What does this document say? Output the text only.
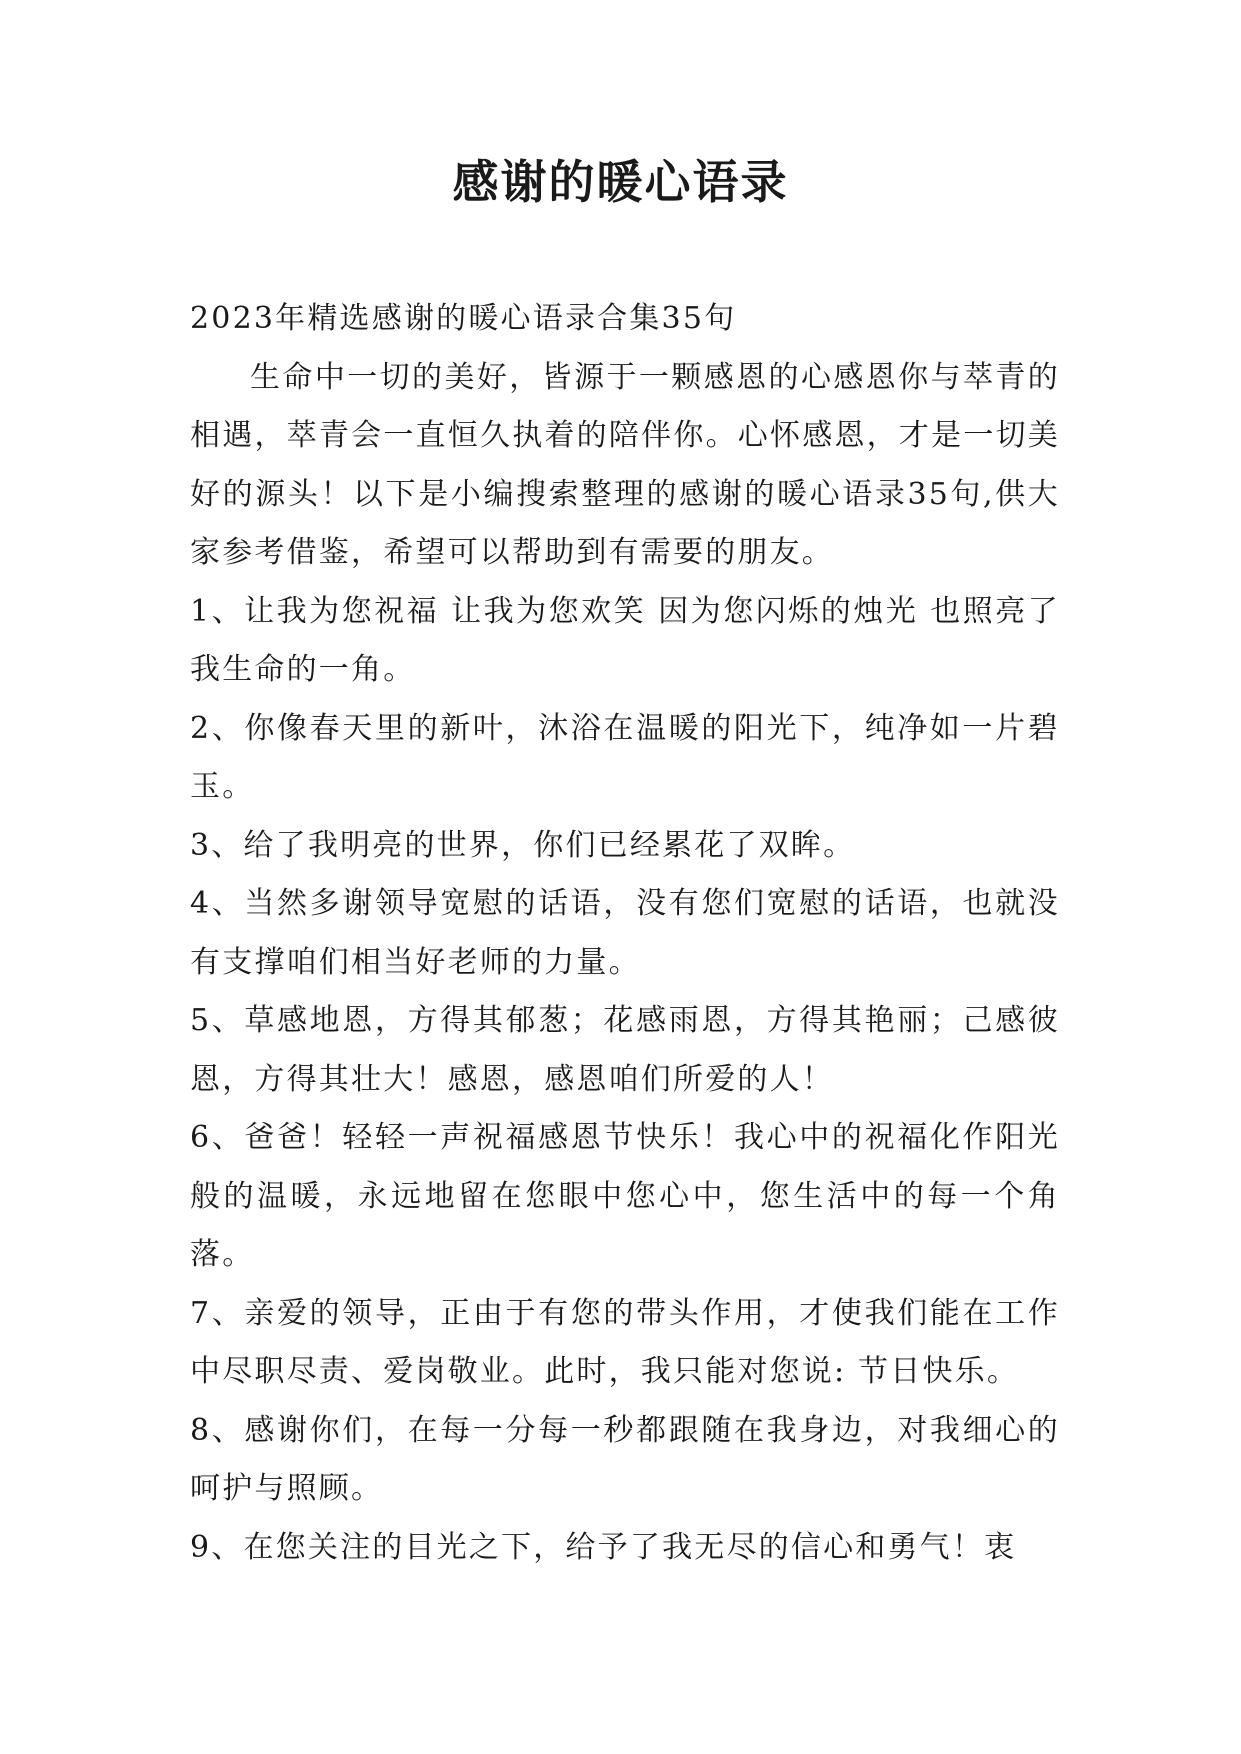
感谢的暖心语录

2023年精选感谢的暖心语录合集35句

生命中一切的美好，皆源于一颗感恩的心感恩你与萃青的相遇，萃青会一直恒久执着的陪伴你。心怀感恩，才是一切美好的源头！以下是小编搜索整理的感谢的暖心语录35句,供大家参考借鉴，希望可以帮助到有需要的朋友。

1、让我为您祝福 让我为您欢笑 因为您闪烁的烛光 也照亮了我生命的一角。

2、你像春天里的新叶，沐浴在温暖的阳光下，纯净如一片碧玉。

3、给了我明亮的世界，你们已经累花了双眸。

4、当然多谢领导宽慰的话语，没有您们宽慰的话语，也就没有支撑咱们相当好老师的力量。

5、草感地恩，方得其郁葱；花感雨恩，方得其艳丽；己感彼恩，方得其壮大！感恩，感恩咱们所爱的人！

6、爸爸！轻轻一声祝福感恩节快乐！我心中的祝福化作阳光般的温暖，永远地留在您眼中您心中，您生活中的每一个角落。

7、亲爱的领导，正由于有您的带头作用，才使我们能在工作中尽职尽责、爱岗敬业。此时，我只能对您说: 节日快乐。

8、感谢你们，在每一分每一秒都跟随在我身边，对我细心的呵护与照顾。

9、在您关注的目光之下，给予了我无尽的信心和勇气！衷
